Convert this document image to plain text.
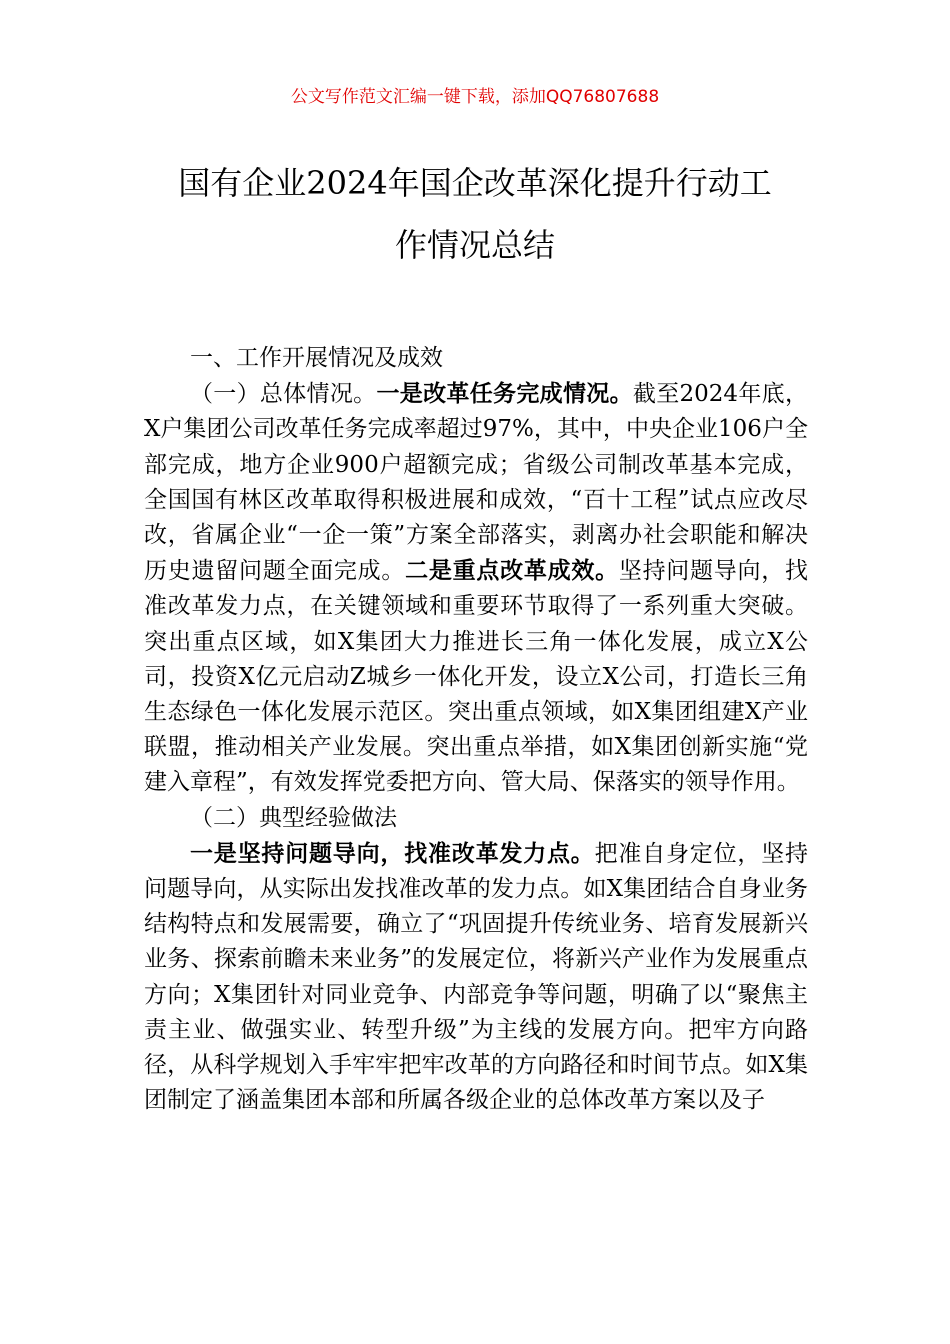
公文写作范文汇编一键下载，添加QQ76807688
国有企业2024年国企改革深化提升行动工
作情况总结

一、工作开展情况及成效

（一）总体情况。一是改革任务完成情况。截至2024年底，X户集团公司改革任务完成率超过97%，其中，中央企业106户全部完成，地方企业900户超额完成；省级公司制改革基本完成，全国国有林区改革取得积极进展和成效，“百十工程”试点应改尽改，省属企业“一企一策”方案全部落实，剥离办社会职能和解决历史遗留问题全面完成。二是重点改革成效。坚持问题导向，找准改革发力点，在关键领域和重要环节取得了一系列重大突破。突出重点区域，如X集团大力推进长三角一体化发展，成立X公司，投资X亿元启动Z城乡一体化开发，设立X公司，打造长三角生态绿色一体化发展示范区。突出重点领域，如X集团组建X产业联盟，推动相关产业发展。突出重点举措，如X集团创新实施“党建入章程”，有效发挥党委把方向、管大局、保落实的领导作用。

（二）典型经验做法

一是坚持问题导向，找准改革发力点。把准自身定位，坚持问题导向，从实际出发找准改革的发力点。如X集团结合自身业务结构特点和发展需要，确立了“巩固提升传统业务、培育发展新兴业务、探索前瞻未来业务”的发展定位，将新兴产业作为发展重点方向；X集团针对同业竞争、内部竞争等问题，明确了以“聚焦主责主业、做强实业、转型升级”为主线的发展方向。把牢方向路径，从科学规划入手牢牢把牢改革的方向路径和时间节点。如X集团制定了涵盖集团本部和所属各级企业的总体改革方案以及子
